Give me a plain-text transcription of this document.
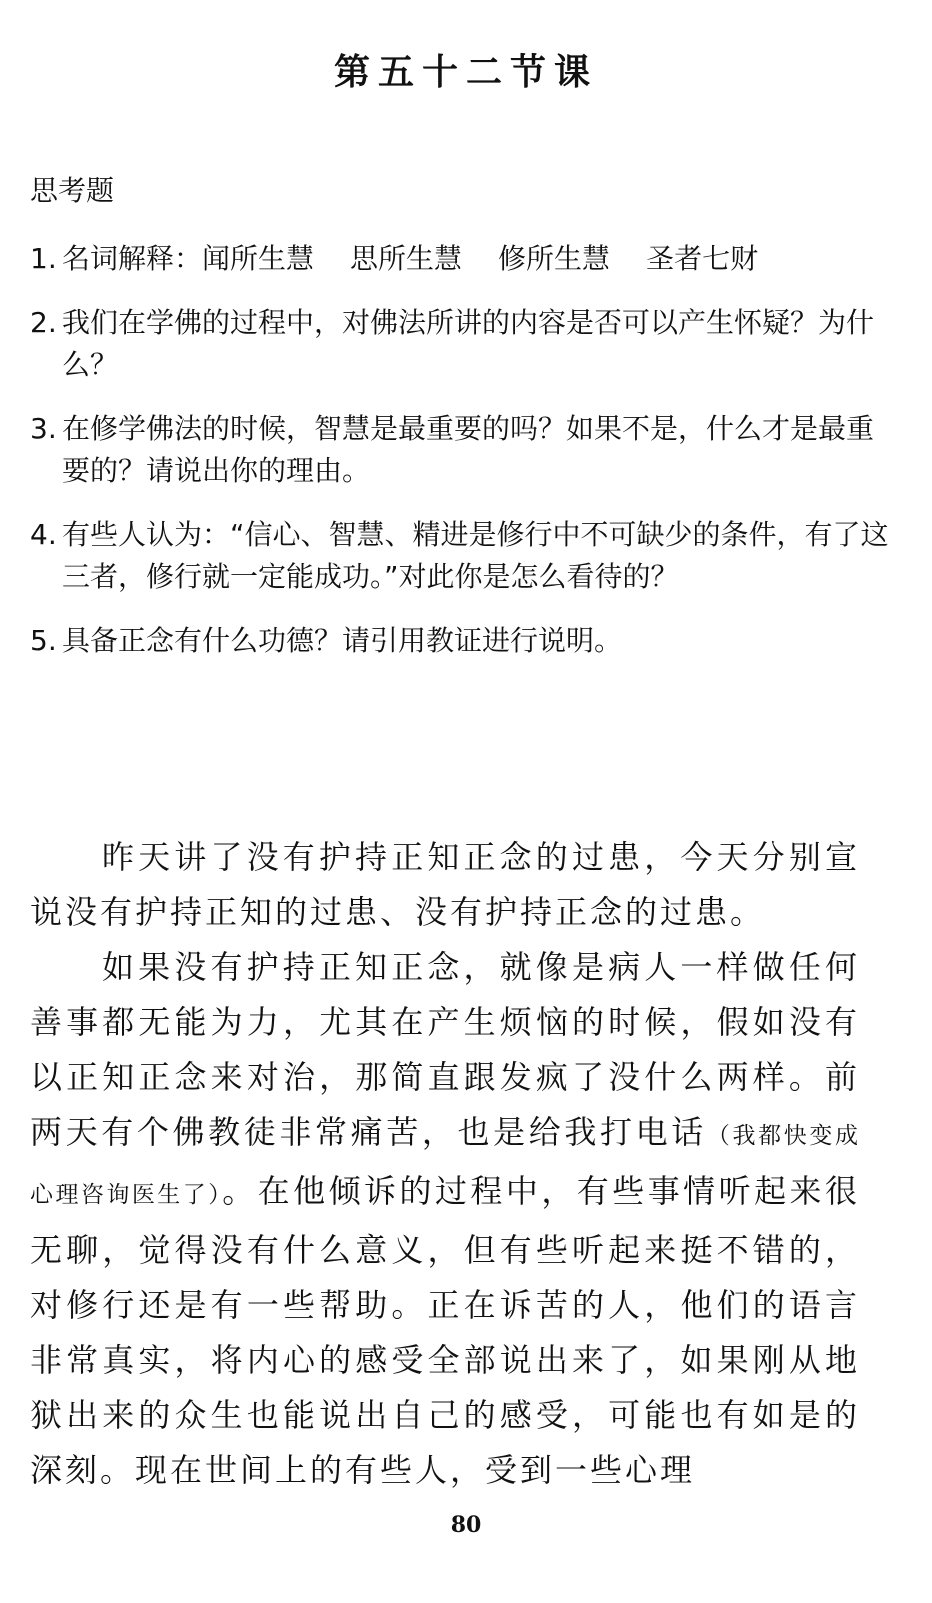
第五十二节课
思考题
1. 名词解释：闻所生慧 思所生慧 修所生慧 圣者七财
2. 我们在学佛的过程中，对佛法所讲的内容是否可以产生怀疑？为什么？
3. 在修学佛法的时候，智慧是最重要的吗？如果不是，什么才是最重要的？请说出你的理由。
4. 有些人认为：“信心、智慧、精进是修行中不可缺少的条件，有了这三者，修行就一定能成功。”对此你是怎么看待的？
5. 具备正念有什么功德？请引用教证进行说明。

昨天讲了没有护持正知正念的过患，今天分别宣说没有护持正知的过患、没有护持正念的过患。

如果没有护持正知正念，就像是病人一样做任何善事都无能为力，尤其在产生烦恼的时候，假如没有以正知正念来对治，那简直跟发疯了没什么两样。前两天有个佛教徒非常痛苦，也是给我打电话（我都快变成心理咨询医生了）。在他倾诉的过程中，有些事情听起来很无聊，觉得没有什么意义，但有些听起来挺不错的，对修行还是有一些帮助。正在诉苦的人，他们的语言非常真实，将内心的感受全部说出来了，如果刚从地狱出来的众生也能说出自己的感受，可能也有如是的深刻。现在世间上的有些人，受到一些心理

80
